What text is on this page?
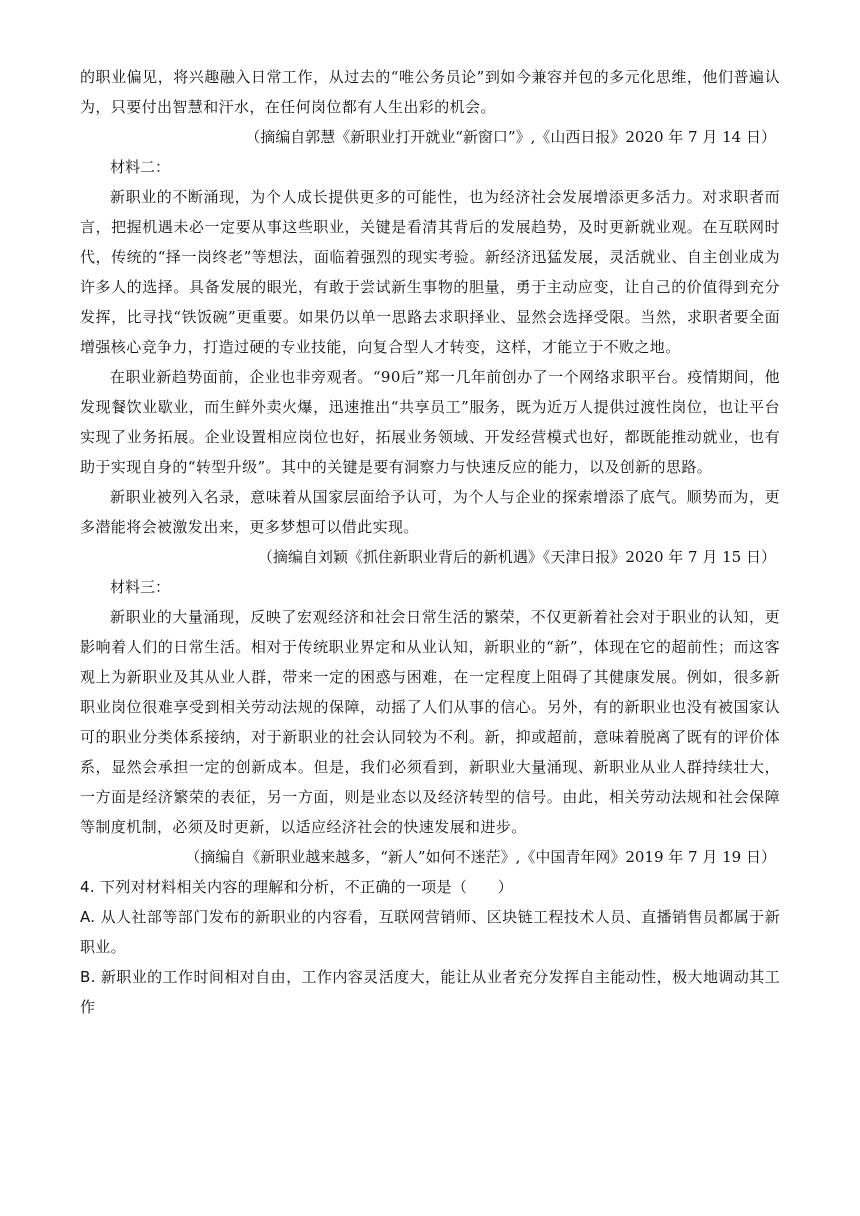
的职业偏见，将兴趣融入日常工作，从过去的“唯公务员论”到如今兼容并包的多元化思维，他们普遍认为，只要付出智慧和汗水，在任何岗位都有人生出彩的机会。

（摘编自郭慧《新职业打开就业“新窗口”》,《山西日报》2020 年 7 月 14 日）

材料二：

新职业的不断涌现，为个人成长提供更多的可能性，也为经济社会发展增添更多活力。对求职者而言，把握机遇未必一定要从事这些职业，关键是看清其背后的发展趋势，及时更新就业观。在互联网时代，传统的“择一岗终老”等想法，面临着强烈的现实考验。新经济迅猛发展，灵活就业、自主创业成为许多人的选择。具备发展的眼光，有敢于尝试新生事物的胆量，勇于主动应变，让自己的价值得到充分发挥，比寻找“铁饭碗”更重要。如果仍以单一思路去求职择业、显然会选择受限。当然，求职者要全面增强核心竞争力，打造过硬的专业技能，向复合型人才转变，这样，才能立于不败之地。

在职业新趋势面前，企业也非旁观者。“90后”郑一几年前创办了一个网络求职平台。疫情期间，他发现餐饮业歇业，而生鲜外卖火爆，迅速推出“共享员工”服务，既为近万人提供过渡性岗位，也让平台实现了业务拓展。企业设置相应岗位也好，拓展业务领域、开发经营模式也好，都既能推动就业，也有助于实现自身的“转型升级”。其中的关键是要有洞察力与快速反应的能力，以及创新的思路。

新职业被列入名录，意味着从国家层面给予认可，为个人与企业的探索增添了底气。顺势而为，更多潜能将会被激发出来，更多梦想可以借此实现。

（摘编自刘颖《抓住新职业背后的新机遇》《天津日报》2020 年 7 月 15 日）

材料三：

新职业的大量涌现，反映了宏观经济和社会日常生活的繁荣，不仅更新着社会对于职业的认知，更影响着人们的日常生活。相对于传统职业界定和从业认知，新职业的“新”，体现在它的超前性；而这客观上为新职业及其从业人群，带来一定的困惑与困难，在一定程度上阻碍了其健康发展。例如，很多新职业岗位很难享受到相关劳动法规的保障，动摇了人们从事的信心。另外，有的新职业也没有被国家认可的职业分类体系接纳，对于新职业的社会认同较为不利。新，抑或超前，意味着脱离了既有的评价体系，显然会承担一定的创新成本。但是，我们必须看到，新职业大量涌现、新职业从业人群持续壮大，一方面是经济繁荣的表征，另一方面，则是业态以及经济转型的信号。由此，相关劳动法规和社会保障等制度机制，必须及时更新，以适应经济社会的快速发展和进步。

（摘编自《新职业越来越多，“新人”如何不迷茫》,《中国青年网》2019 年 7 月 19 日）

4. 下列对材料相关内容的理解和分析，不正确的一项是（　　）

A. 从人社部等部门发布的新职业的内容看，互联网营销师、区块链工程技术人员、直播销售员都属于新职业。

B. 新职业的工作时间相对自由，工作内容灵活度大，能让从业者充分发挥自主能动性，极大地调动其工作
